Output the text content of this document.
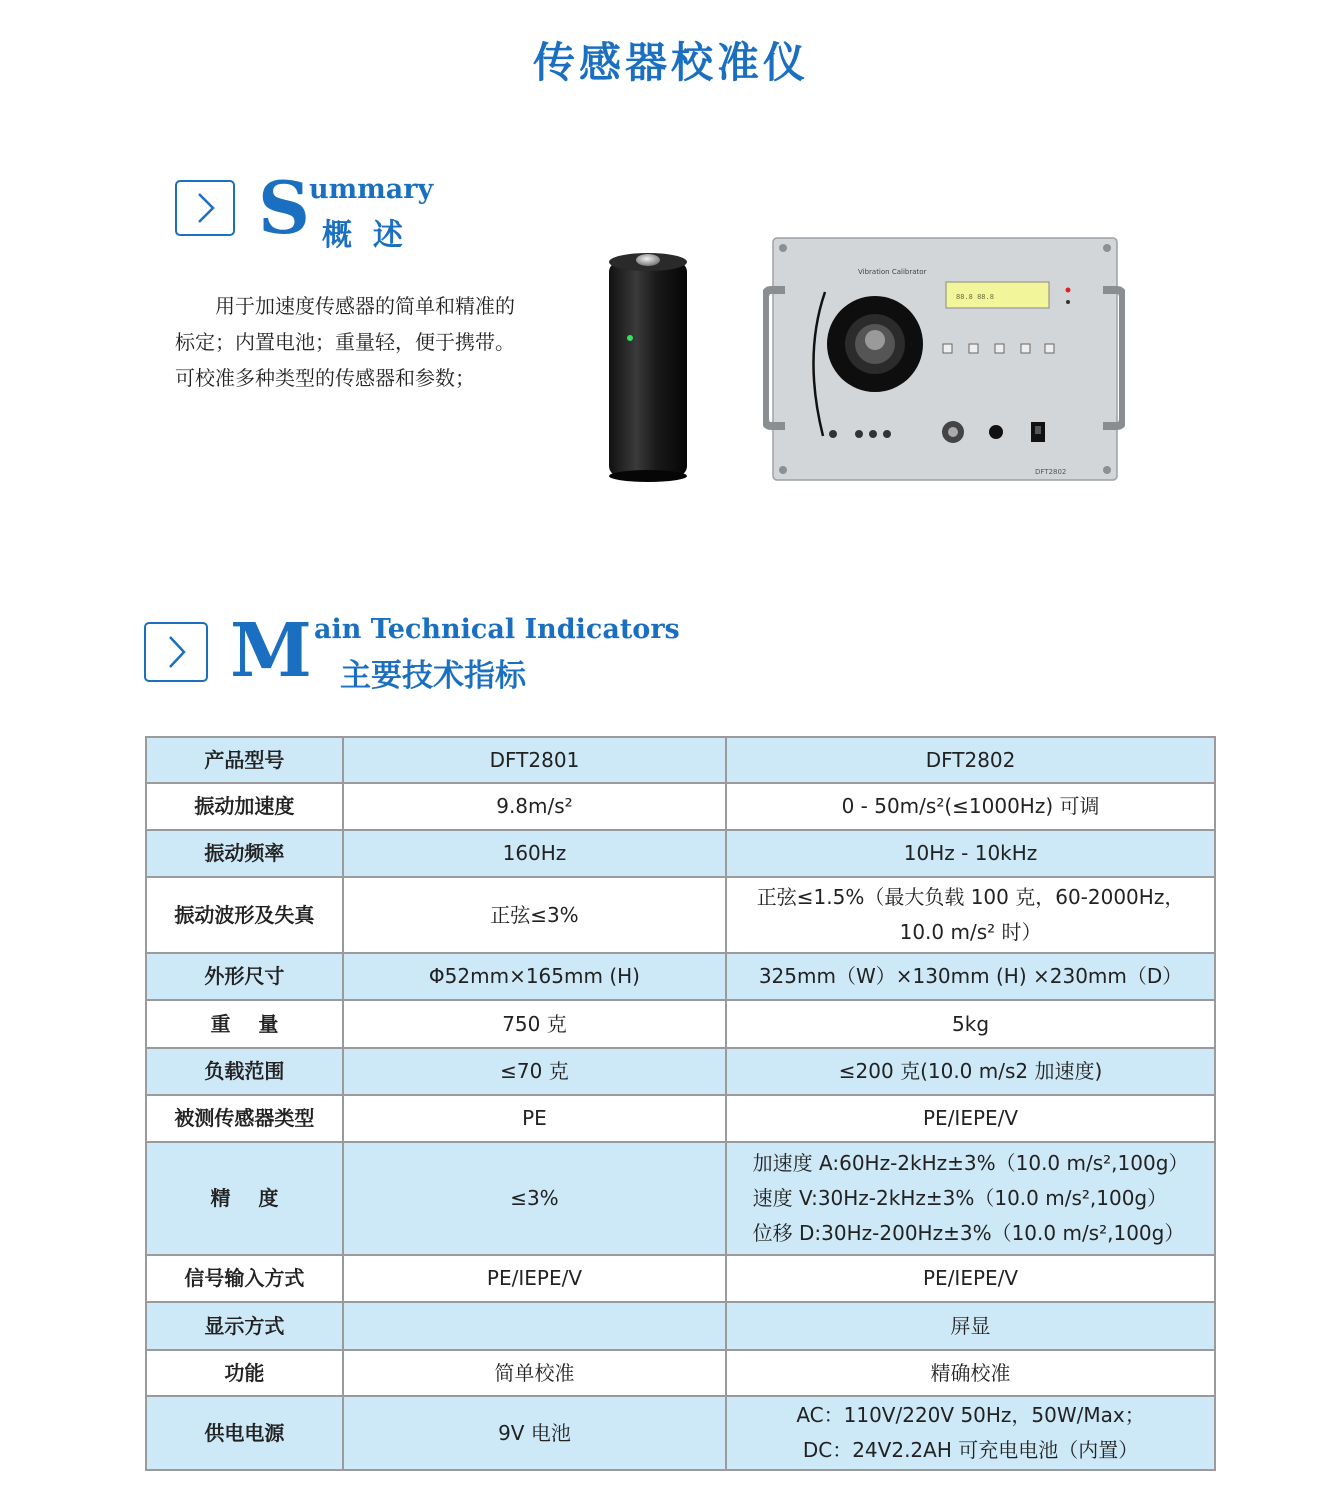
传感器校准仪
S ummary
概  述
用于加速度传感器的简单和精准的标定；内置电池；重量轻，便于携带。可校准多种类型的传感器和参数；
Vibration Calibrator
88.8 88.8
DFT2802
M ain Technical Indicators
主要技术指标
产品型号	DFT2801	DFT2802
振动加速度	9.8m/s²	0 - 50m/s²(≤1000Hz) 可调
振动频率	160Hz	10Hz - 10kHz
振动波形及失真	正弦≤3%	正弦≤1.5%（最大负载 100 克，60-2000Hz，
10.0 m/s² 时）

外形尺寸	Φ52mm×165mm (H)	325mm（W）×130mm (H) ×230mm（D）
重    量	750 克	5kg
负载范围	≤70 克	≤200 克(10.0 m/s2 加速度)
被测传感器类型	PE	PE/IEPE/V
精    度	≤3%	加速度 A:60Hz-2kHz±3%（10.0 m/s²,100g）
速度 V:30Hz-2kHz±3%（10.0 m/s²,100g）
位移 D:30Hz-200Hz±3%（10.0 m/s²,100g）

信号输入方式	PE/IEPE/V	PE/IEPE/V
显示方式		屏显
功能	简单校准	精确校准
供电电源	9V 电池	AC：110V/220V 50Hz，50W/Max；
DC：24V2.2AH 可充电电池（内置）
